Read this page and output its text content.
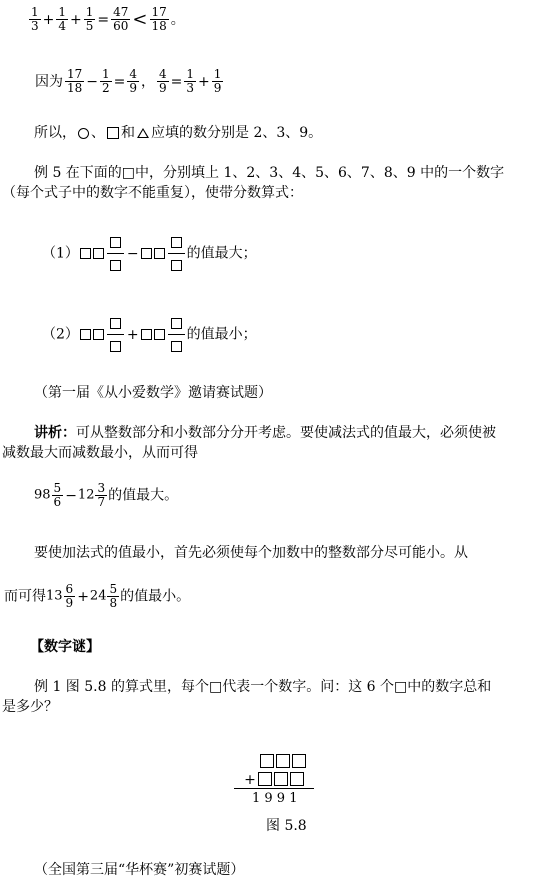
$\frac{1}{3} + \frac{1}{4} + \frac{1}{5} = \frac{47}{60} < \frac{17}{18}$ 。
因为 $\frac{17}{18} - \frac{1}{2} = \frac{4}{9}$ ， $\frac{4}{9} = \frac{1}{3} + \frac{1}{9}$
所以， 、 和 应填的数分别是 2、3、9。
例 5 在下面的□中，分别填上 1、2、3、4、5、6、7、8、9 中的一个数字
（每个式子中的数字不能重复），使带分数算式：
（1）	−	的值最大；
（2）	+	的值最小；
（第一届《从小爱数学》邀请赛试题）
讲析：可从整数部分和小数部分分开考虑。要使减法式的值最大，必须使被
减数最大而减数最小，从而可得
$98 \frac{5}{6} -12 \frac{3}{7}$ 的值最大。
要使加法式的值最小，首先必须使每个加数中的整数部分尽可能小。从
而可得$13 \frac{6}{9} +24 \frac{5}{8}$ 的值最小。
【数字谜】
例 1 图 5.8 的算式里，每个□代表一个数字。问：这 6 个□中的数字总和
是多少？
+
1 9 9 1
图 5.8
（全国第三届“华杯赛”初赛试题）
